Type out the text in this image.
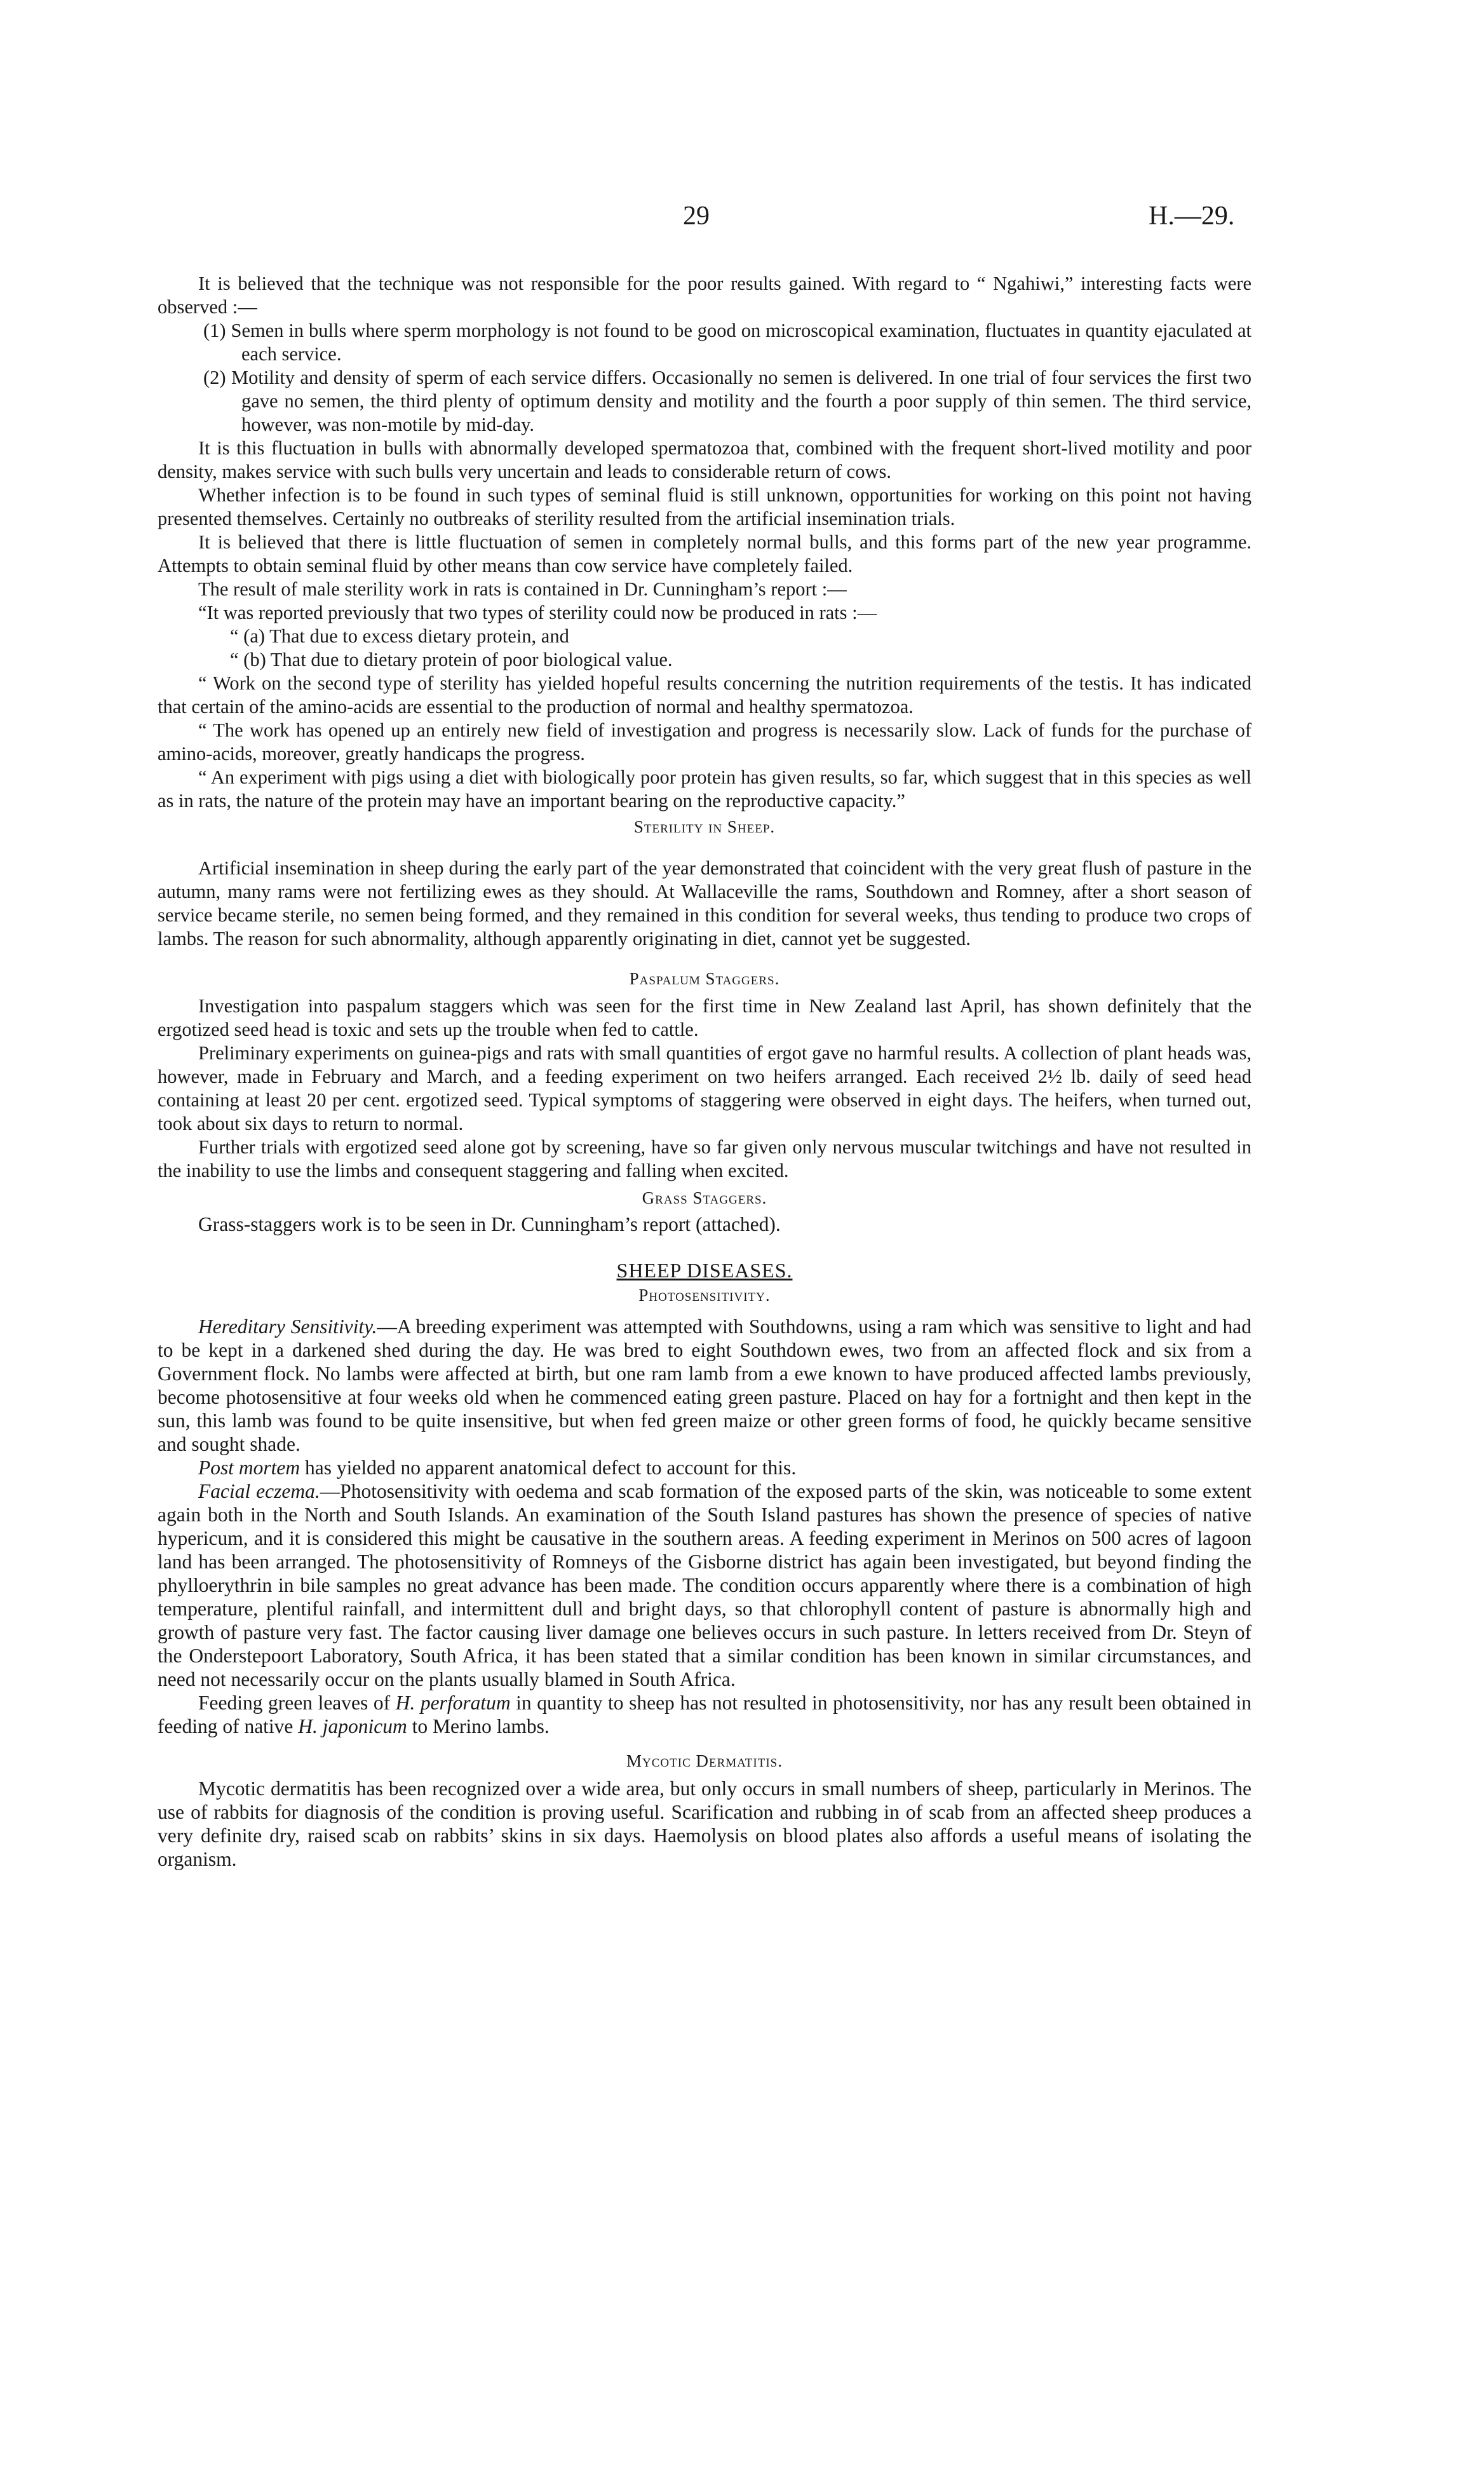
29	H.—29.

It is believed that the technique was not responsible for the poor results gained. With regard to “ Ngahiwi,” interesting facts were observed :—

(1) Semen in bulls where sperm morphology is not found to be good on microscopical examination, fluctuates in quantity ejaculated at each service.

(2) Motility and density of sperm of each service differs. Occasionally no semen is delivered. In one trial of four services the first two gave no semen, the third plenty of optimum density and motility and the fourth a poor supply of thin semen. The third service, however, was non-motile by mid-day.

It is this fluctuation in bulls with abnormally developed spermatozoa that, combined with the frequent short-lived motility and poor density, makes service with such bulls very uncertain and leads to considerable return of cows.

Whether infection is to be found in such types of seminal fluid is still unknown, opportunities for working on this point not having presented themselves. Certainly no outbreaks of sterility resulted from the artificial insemination trials.

It is believed that there is little fluctuation of semen in completely normal bulls, and this forms part of the new year programme. Attempts to obtain seminal fluid by other means than cow service have completely failed.

The result of male sterility work in rats is contained in Dr. Cunningham’s report :—

“It was reported previously that two types of sterility could now be produced in rats :—

“ (a) That due to excess dietary protein, and

“ (b) That due to dietary protein of poor biological value.

“ Work on the second type of sterility has yielded hopeful results concerning the nutrition requirements of the testis. It has indicated that certain of the amino-acids are essential to the production of normal and healthy spermatozoa.

“ The work has opened up an entirely new field of investigation and progress is necessarily slow. Lack of funds for the purchase of amino-acids, moreover, greatly handicaps the progress.

“ An experiment with pigs using a diet with biologically poor protein has given results, so far, which suggest that in this species as well as in rats, the nature of the protein may have an important bearing on the reproductive capacity.”

Sterility in Sheep.

Artificial insemination in sheep during the early part of the year demonstrated that coincident with the very great flush of pasture in the autumn, many rams were not fertilizing ewes as they should. At Wallaceville the rams, Southdown and Romney, after a short season of service became sterile, no semen being formed, and they remained in this condition for several weeks, thus tending to produce two crops of lambs. The reason for such abnormality, although apparently originating in diet, cannot yet be suggested.

Paspalum Staggers.

Investigation into paspalum staggers which was seen for the first time in New Zealand last April, has shown definitely that the ergotized seed head is toxic and sets up the trouble when fed to cattle.

Preliminary experiments on guinea-pigs and rats with small quantities of ergot gave no harmful results. A collection of plant heads was, however, made in February and March, and a feeding experiment on two heifers arranged. Each received 2½ lb. daily of seed head containing at least 20 per cent. ergotized seed. Typical symptoms of staggering were observed in eight days. The heifers, when turned out, took about six days to return to normal.

Further trials with ergotized seed alone got by screening, have so far given only nervous muscular twitchings and have not resulted in the inability to use the limbs and consequent staggering and falling when excited.

Grass Staggers.

Grass-staggers work is to be seen in Dr. Cunningham’s report (attached).

SHEEP DISEASES.

Photosensitivity.

Hereditary Sensitivity.—A breeding experiment was attempted with Southdowns, using a ram which was sensitive to light and had to be kept in a darkened shed during the day. He was bred to eight Southdown ewes, two from an affected flock and six from a Government flock. No lambs were affected at birth, but one ram lamb from a ewe known to have produced affected lambs previously, become photosensitive at four weeks old when he commenced eating green pasture. Placed on hay for a fortnight and then kept in the sun, this lamb was found to be quite insensitive, but when fed green maize or other green forms of food, he quickly became sensitive and sought shade.

Post mortem has yielded no apparent anatomical defect to account for this.

Facial eczema.—Photosensitivity with oedema and scab formation of the exposed parts of the skin, was noticeable to some extent again both in the North and South Islands. An examination of the South Island pastures has shown the presence of species of native hypericum, and it is considered this might be causative in the southern areas. A feeding experiment in Merinos on 500 acres of lagoon land has been arranged. The photosensitivity of Romneys of the Gisborne district has again been investigated, but beyond finding the phylloerythrin in bile samples no great advance has been made. The condition occurs apparently where there is a combination of high temperature, plentiful rainfall, and intermittent dull and bright days, so that chlorophyll content of pasture is abnormally high and growth of pasture very fast. The factor causing liver damage one believes occurs in such pasture. In letters received from Dr. Steyn of the Onderstepoort Laboratory, South Africa, it has been stated that a similar condition has been known in similar circumstances, and need not necessarily occur on the plants usually blamed in South Africa.

Feeding green leaves of H. perforatum in quantity to sheep has not resulted in photosensitivity, nor has any result been obtained in feeding of native H. japonicum to Merino lambs.

Mycotic Dermatitis.

Mycotic dermatitis has been recognized over a wide area, but only occurs in small numbers of sheep, particularly in Merinos. The use of rabbits for diagnosis of the condition is proving useful. Scarification and rubbing in of scab from an affected sheep produces a very definite dry, raised scab on rabbits’ skins in six days. Haemolysis on blood plates also affords a useful means of isolating the organism.
